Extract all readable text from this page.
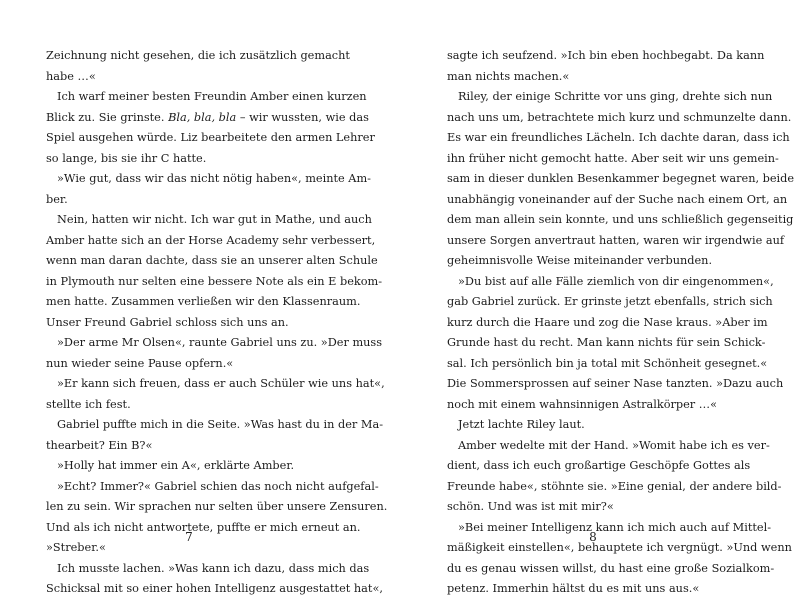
Zeichnung nicht gesehen, die ich zusätzlich gemacht
habe …«
Ich warf meiner besten Freundin Amber einen kurzen
Blick zu. Sie grinste. Bla, bla, bla – wir wussten, wie das
Spiel ausgehen würde. Liz bearbeitete den armen Lehrer
so lange, bis sie ihr C hatte.
»Wie gut, dass wir das nicht nötig haben«, meinte Am-
ber.
Nein, hatten wir nicht. Ich war gut in Mathe, und auch
Amber hatte sich an der Horse Academy sehr verbessert,
wenn man daran dachte, dass sie an unserer alten Schule
in Plymouth nur selten eine bessere Note als ein E bekom-
men hatte. Zusammen verließen wir den Klassenraum.
Unser Freund Gabriel schloss sich uns an.
»Der arme Mr Olsen«, raunte Gabriel uns zu. »Der muss
nun wieder seine Pause opfern.«
»Er kann sich freuen, dass er auch Schüler wie uns hat«,
stellte ich fest.
Gabriel puffte mich in die Seite. »Was hast du in der Ma-
thearbeit? Ein B?«
»Holly hat immer ein A«, erklärte Amber.
»Echt? Immer?« Gabriel schien das noch nicht aufgefal-
len zu sein. Wir sprachen nur selten über unsere Zensuren.
Und als ich nicht antwortete, puffte er mich erneut an.
»Streber.«
Ich musste lachen. »Was kann ich dazu, dass mich das
Schicksal mit so einer hohen Intelligenz ausgestattet hat«,
sagte ich seufzend. »Ich bin eben hochbegabt. Da kann
man nichts machen.«
Riley, der einige Schritte vor uns ging, drehte sich nun
nach uns um, betrachtete mich kurz und schmunzelte dann.
Es war ein freundliches Lächeln. Ich dachte daran, dass ich
ihn früher nicht gemocht hatte. Aber seit wir uns gemein-
sam in dieser dunklen Besenkammer begegnet waren, beide
unabhängig voneinander auf der Suche nach einem Ort, an
dem man allein sein konnte, und uns schließlich gegenseitig
unsere Sorgen anvertraut hatten, waren wir irgendwie auf
geheimnisvolle Weise miteinander verbunden.
»Du bist auf alle Fälle ziemlich von dir eingenommen«,
gab Gabriel zurück. Er grinste jetzt ebenfalls, strich sich
kurz durch die Haare und zog die Nase kraus. »Aber im
Grunde hast du recht. Man kann nichts für sein Schick-
sal. Ich persönlich bin ja total mit Schönheit gesegnet.«
Die Sommersprossen auf seiner Nase tanzten. »Dazu auch
noch mit einem wahnsinnigen Astralkörper …«
Jetzt lachte Riley laut.
Amber wedelte mit der Hand. »Womit habe ich es ver-
dient, dass ich euch großartige Geschöpfe Gottes als
Freunde habe«, stöhnte sie. »Eine genial, der andere bild-
schön. Und was ist mit mir?«
»Bei meiner Intelligenz kann ich mich auch auf Mittel-
mäßigkeit einstellen«, behauptete ich vergnügt. »Und wenn
du es genau wissen willst, du hast eine große Sozialkom-
petenz. Immerhin hältst du es mit uns aus.«
7	8
